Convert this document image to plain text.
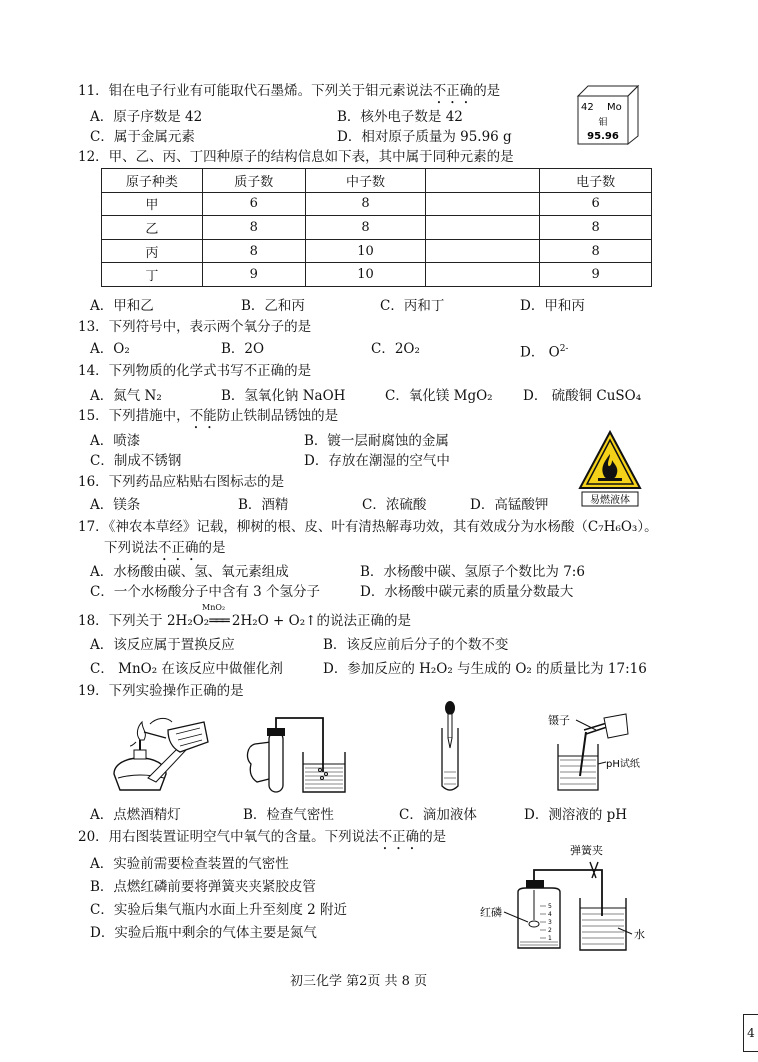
11．钼在电子行业有可能取代石墨烯。下列关于钼元素说法不正确的是
A．原子序数是 42	B．核外电子数是 42
C．属于金属元素	D．相对原子质量为 95.96 g
42 Mo
钼
95.96
12．甲、乙、丙、丁四种原子的结构信息如下表，其中属于同种元素的是
原子种类	质子数	中子数		电子数
甲	6	8		6
乙	8	8		8
丙	8	10		8
丁	9	10		9
A．甲和乙	B．乙和丙	C．丙和丁	D．甲和丙
13．下列符号中，表示两个氧分子的是
A．O₂	B．2O	C．2O₂	D． $O^{2-}$
14．下列物质的化学式书写不正确的是
A．氮气 N₂	B．氢氧化钠 NaOH	C．氧化镁 MgO₂ D． 硫酸铜 CuSO₄
15．下列措施中，不能防止铁制品锈蚀的是
A．喷漆	B．镀一层耐腐蚀的金属
C．制成不锈钢	D．存放在潮湿的空气中
易燃液体
16．下列药品应粘贴右图标志的是
A．镁条	B．酒精	C．浓硫酸	D．高锰酸钾
17．《神农本草经》记载，柳树的根、皮、叶有清热解毒功效，其有效成分为水杨酸（C₇H₆O₃）。
下列说法不正确的是
A．水杨酸由碳、氢、氧元素组成	B．水杨酸中碳、氢原子个数比为 7:6
C．一个水杨酸分子中含有 3 个氢分子	D．水杨酸中碳元素的质量分数最大
MnO₂
18．下列关于 2H₂O₂═══ 2H₂O + O₂↑的说法正确的是
A．该反应属于置换反应	B．该反应前后分子的个数不变
C． MnO₂ 在该反应中做催化剂	D．参加反应的 H₂O₂ 与生成的 O₂ 的质量比为 17:16
19．下列实验操作正确的是
镊子
pH试纸
A．点燃酒精灯	B．检查气密性	C．滴加液体	D．测溶液的 pH
20．用右图装置证明空气中氧气的含量。下列说法不正确的是
A．实验前需要检查装置的气密性
B．点燃红磷前要将弹簧夹夹紧胶皮管
C．实验后集气瓶内水面上升至刻度 2 附近
D．实验后瓶中剩余的气体主要是氮气
弹簧夹
5
4
3
2
1
红磷
水
初三化学 第2页 共 8 页
4
